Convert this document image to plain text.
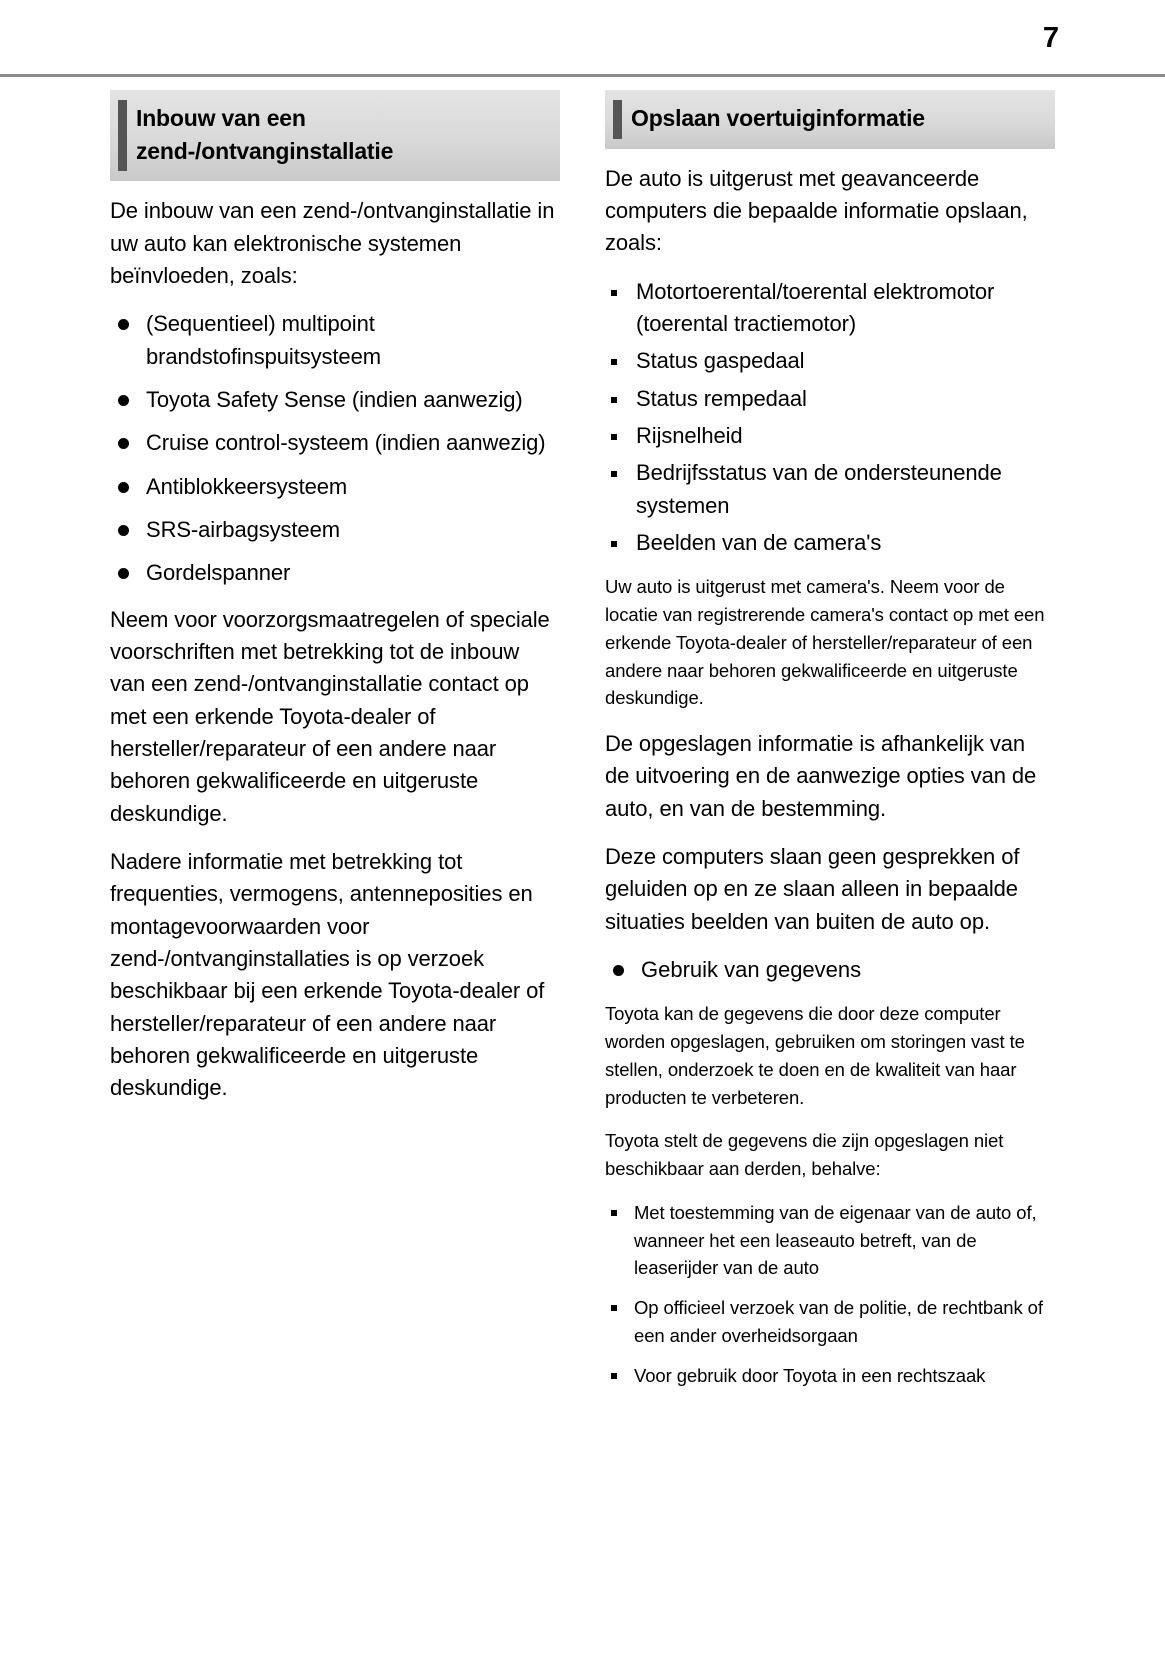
7
Inbouw van een zend-/ontvanginstallatie

De inbouw van een zend-/ontvanginstallatie in uw auto kan elektronische systemen beïnvloeden, zoals:

(Sequentieel) multipoint brandstofinspuitsysteem
Toyota Safety Sense (indien aanwezig)
Cruise control-systeem (indien aanwezig)
Antiblokkeersysteem
SRS-airbagsysteem
Gordelspanner

Neem voor voorzorgsmaatregelen of speciale voorschriften met betrekking tot de inbouw van een zend-/ontvanginstallatie contact op met een erkende Toyota-dealer of hersteller/reparateur of een andere naar behoren gekwalificeerde en uitgeruste deskundige.

Nadere informatie met betrekking tot frequenties, vermogens, antenneposities en montagevoorwaarden voor zend-/ontvanginstallaties is op verzoek beschikbaar bij een erkende Toyota-dealer of hersteller/reparateur of een andere naar behoren gekwalificeerde en uitgeruste deskundige.

Opslaan voertuiginformatie

De auto is uitgerust met geavanceerde computers die bepaalde informatie opslaan, zoals:

Motortoerental/toerental elektromotor (toerental tractiemotor)
Status gaspedaal
Status rempedaal
Rijsnelheid
Bedrijfsstatus van de ondersteunende systemen
Beelden van de camera's

Uw auto is uitgerust met camera's. Neem voor de locatie van registrerende camera's contact op met een erkende Toyota-dealer of hersteller/reparateur of een andere naar behoren gekwalificeerde en uitgeruste deskundige.

De opgeslagen informatie is afhankelijk van de uitvoering en de aanwezige opties van de auto, en van de bestemming.

Deze computers slaan geen gesprekken of geluiden op en ze slaan alleen in bepaalde situaties beelden van buiten de auto op.

Gebruik van gegevens

Toyota kan de gegevens die door deze computer worden opgeslagen, gebruiken om storingen vast te stellen, onderzoek te doen en de kwaliteit van haar producten te verbeteren.

Toyota stelt de gegevens die zijn opgeslagen niet beschikbaar aan derden, behalve:

Met toestemming van de eigenaar van de auto of, wanneer het een leaseauto betreft, van de leaserijder van de auto
Op officieel verzoek van de politie, de rechtbank of een ander overheidsorgaan
Voor gebruik door Toyota in een rechtszaak
